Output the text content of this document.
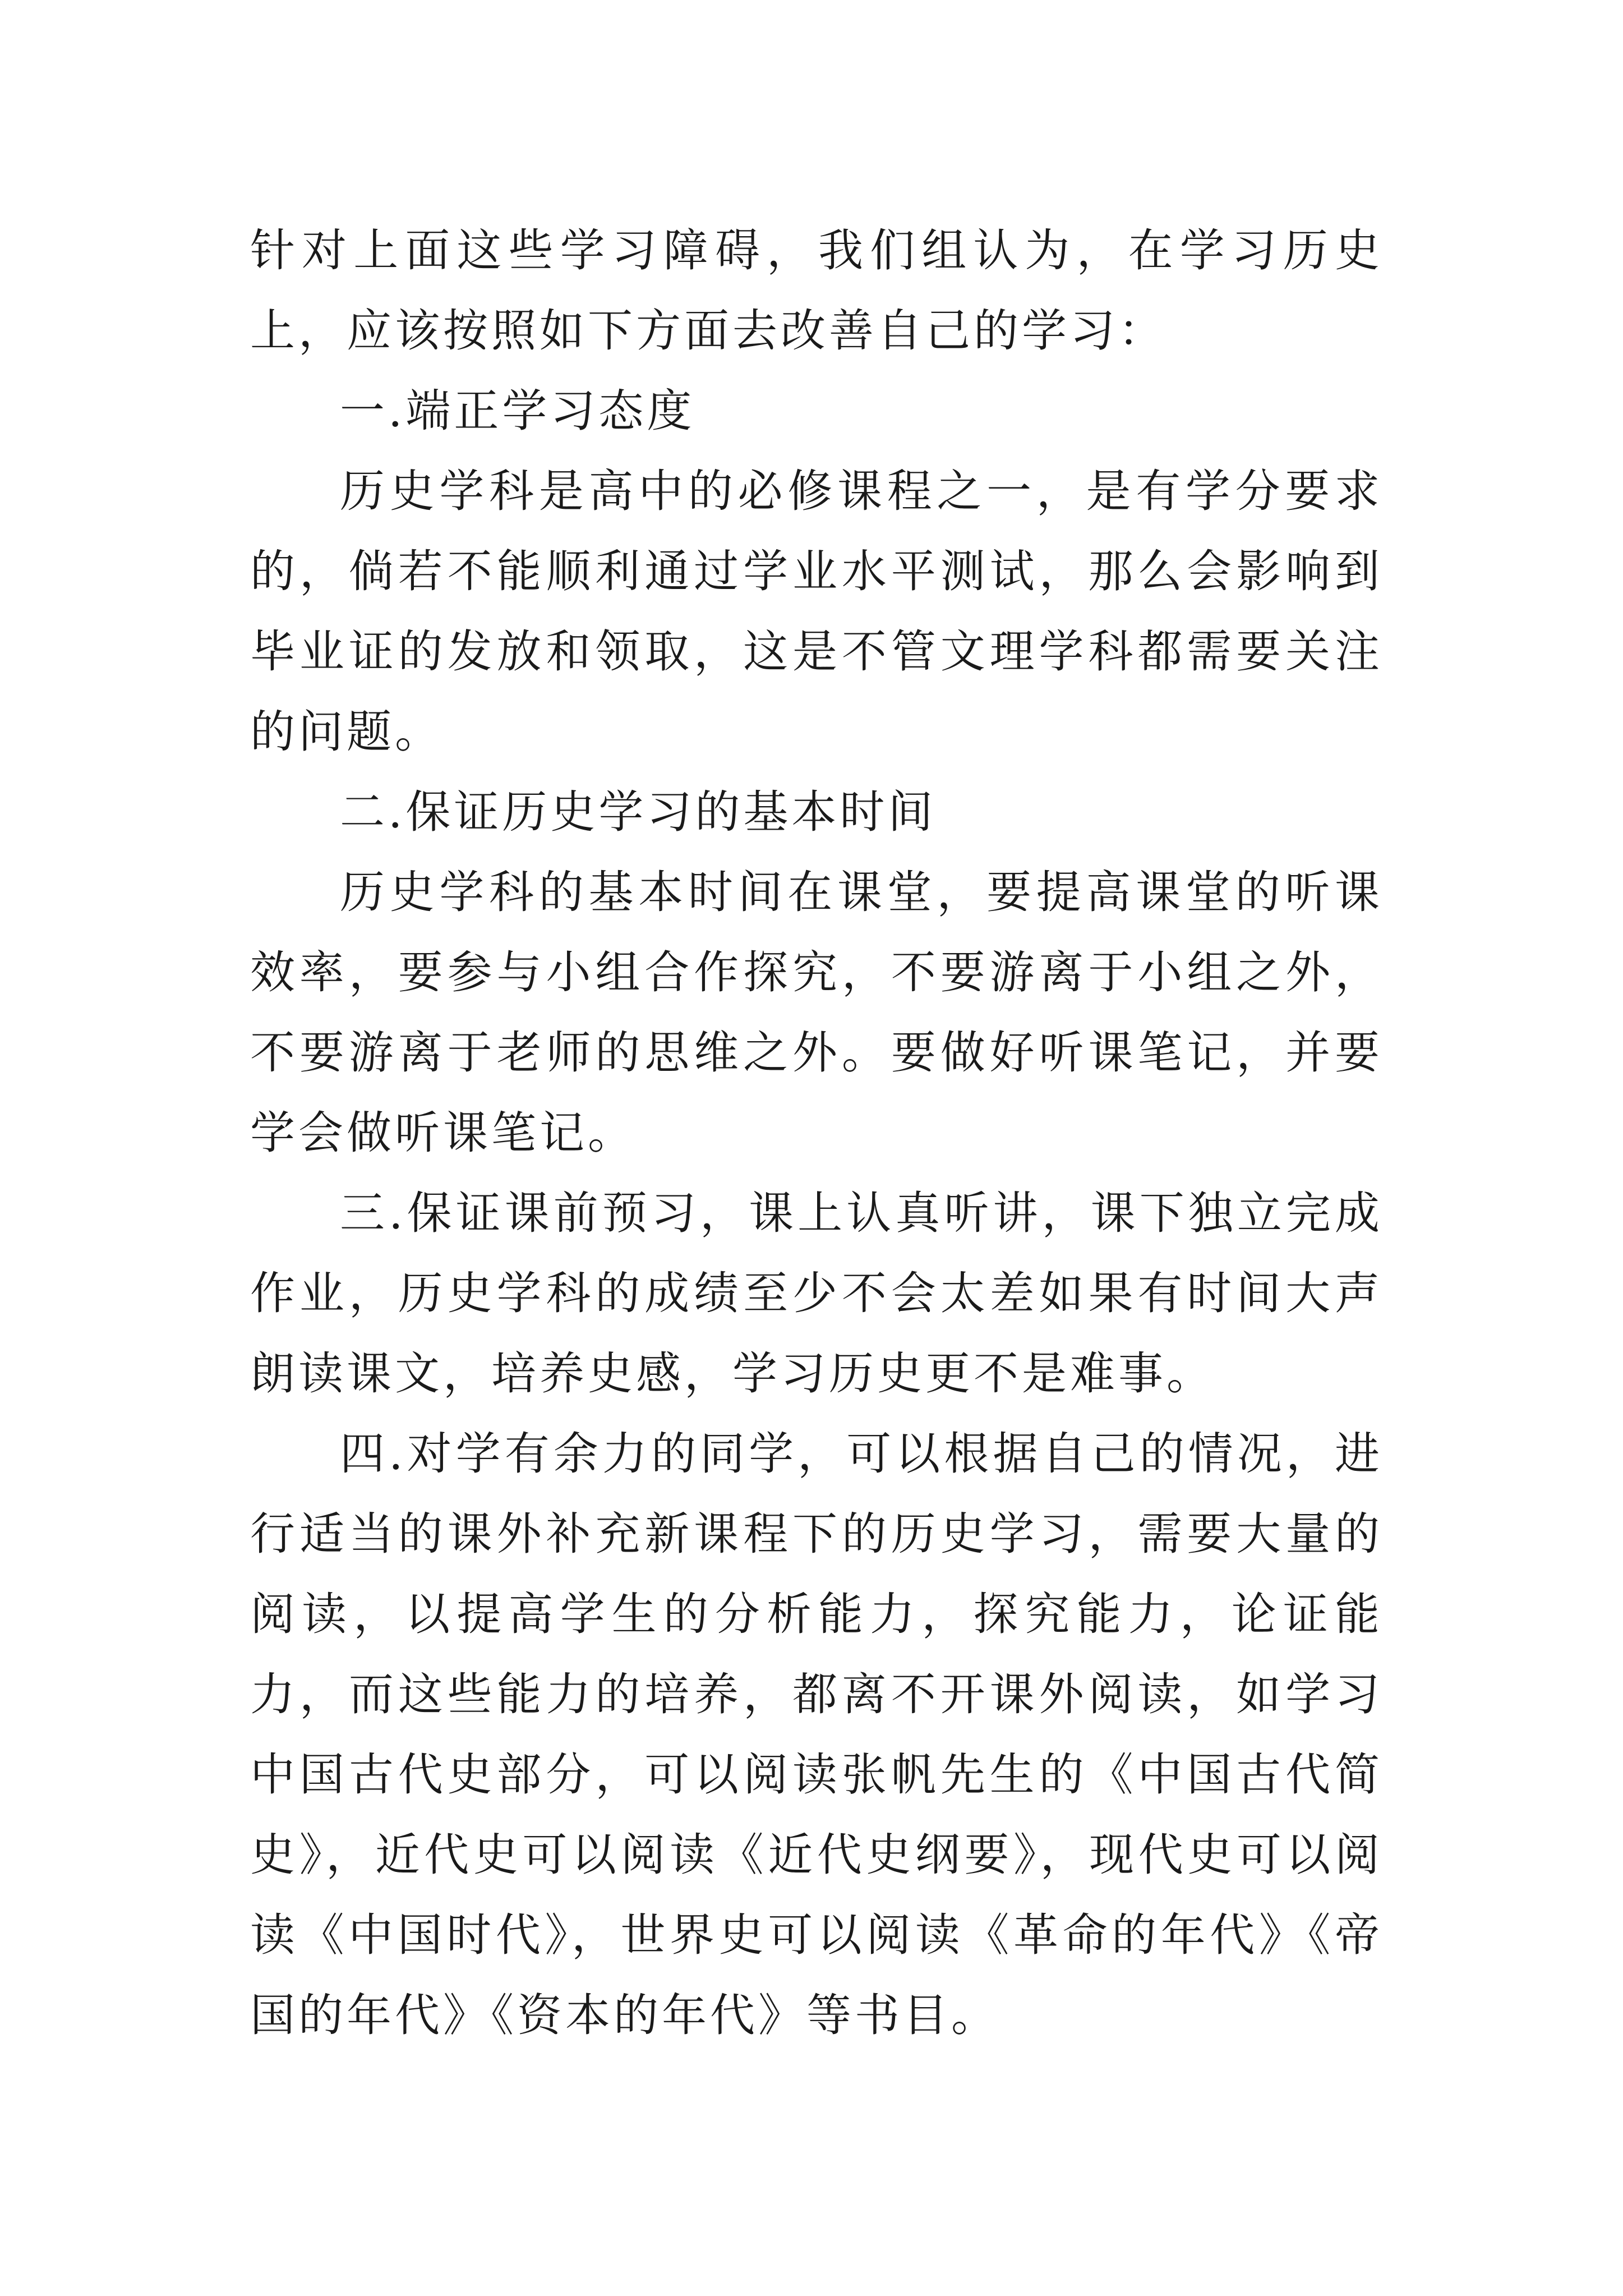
针对上面这些学习障碍，我们组认为，在学习历史上，应该按照如下方面去改善自己的学习：

一.端正学习态度

历史学科是高中的必修课程之一，是有学分要求的，倘若不能顺利通过学业水平测试，那么会影响到毕业证的发放和领取，这是不管文理学科都需要关注的问题。

二.保证历史学习的基本时间

历史学科的基本时间在课堂，要提高课堂的听课效率，要参与小组合作探究，不要游离于小组之外，不要游离于老师的思维之外。要做好听课笔记，并要学会做听课笔记。

三.保证课前预习，课上认真听讲，课下独立完成作业，历史学科的成绩至少不会太差如果有时间大声朗读课文，培养史感，学习历史更不是难事。

四.对学有余力的同学，可以根据自己的情况，进行适当的课外补充新课程下的历史学习，需要大量的阅读，以提高学生的分析能力，探究能力，论证能力，而这些能力的培养，都离不开课外阅读，如学习中国古代史部分，可以阅读张帆先生的《中国古代简史》，近代史可以阅读《近代史纲要》，现代史可以阅读《中国时代》，世界史可以阅读《革命的年代》《帝国的年代》《资本的年代》等书目。
